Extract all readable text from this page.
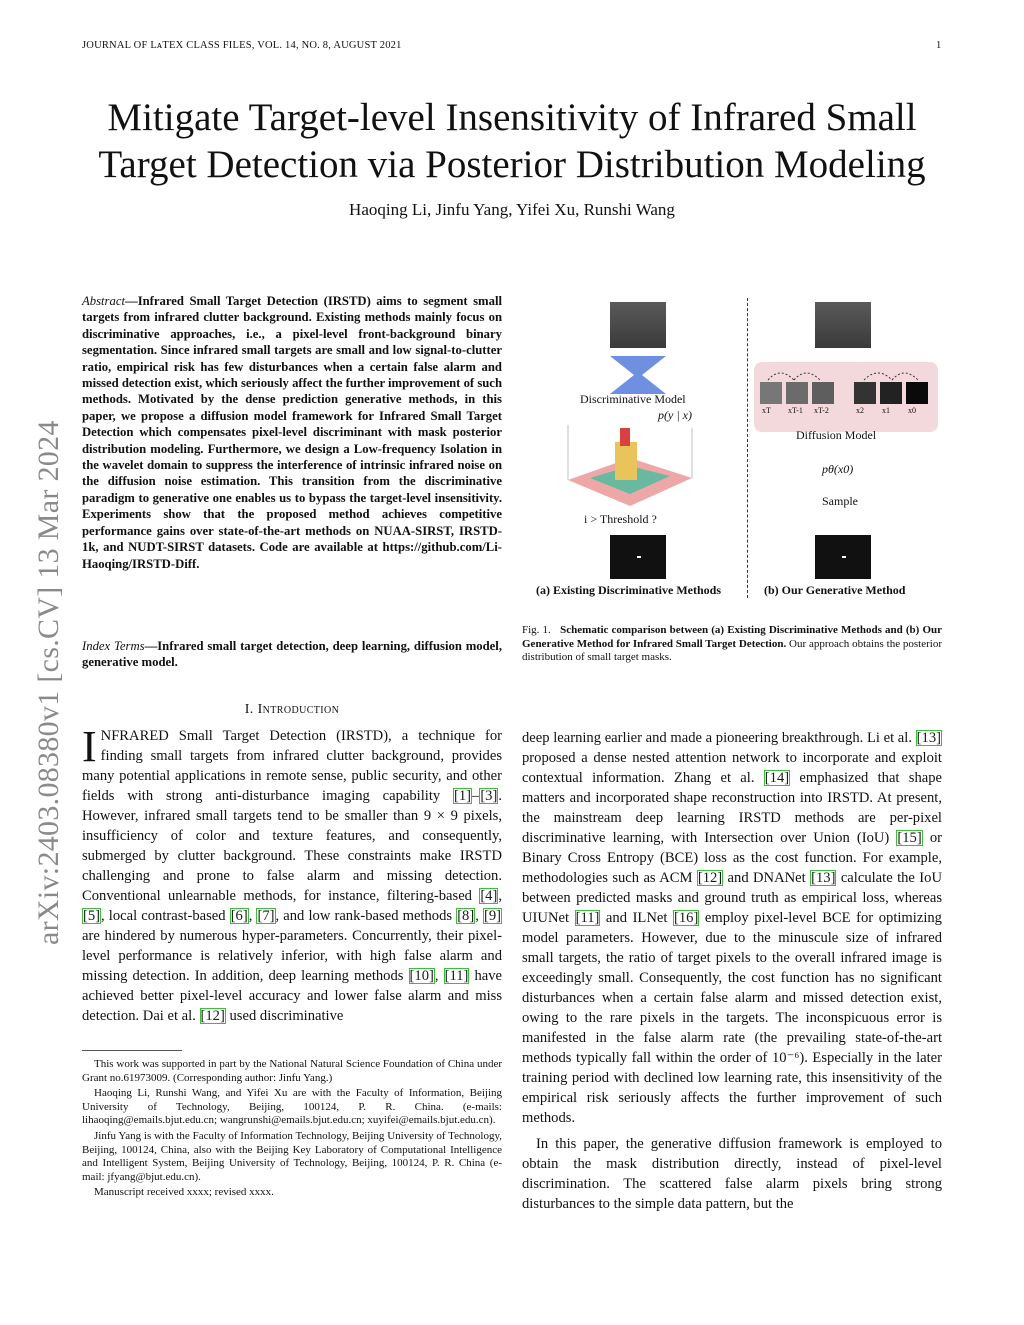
JOURNAL OF LᴀTEX CLASS FILES, VOL. 14, NO. 8, AUGUST 2021	1
Mitigate Target-level Insensitivity of Infrared Small Target Detection via Posterior Distribution Modeling
Haoqing Li, Jinfu Yang, Yifei Xu, Runshi Wang
arXiv:2403.08380v1 [cs.CV] 13 Mar 2024
Abstract—Infrared Small Target Detection (IRSTD) aims to segment small targets from infrared clutter background. Existing methods mainly focus on discriminative approaches, i.e., a pixel-level front-background binary segmentation. Since infrared small targets are small and low signal-to-clutter ratio, empirical risk has few disturbances when a certain false alarm and missed detection exist, which seriously affect the further improvement of such methods. Motivated by the dense prediction generative methods, in this paper, we propose a diffusion model framework for Infrared Small Target Detection which compensates pixel-level discriminant with mask posterior distribution modeling. Furthermore, we design a Low-frequency Isolation in the wavelet domain to suppress the interference of intrinsic infrared noise on the diffusion noise estimation. This transition from the discriminative paradigm to generative one enables us to bypass the target-level insensitivity. Experiments show that the proposed method achieves competitive performance gains over state-of-the-art methods on NUAA-SIRST, IRSTD-1k, and NUDT-SIRST datasets. Code are available at https://github.com/Li-Haoqing/IRSTD-Diff.
Index Terms—Infrared small target detection, deep learning, diffusion model, generative model.
I. Introduction
INFRARED Small Target Detection (IRSTD), a technique for finding small targets from infrared clutter background, provides many potential applications in remote sense, public security, and other fields with strong anti-disturbance imaging capability [1]–[3]. However, infrared small targets tend to be smaller than 9 × 9 pixels, insufficiency of color and texture features, and consequently, submerged by clutter background. These constraints make IRSTD challenging and prone to false alarm and missing detection. Conventional unlearnable methods, for instance, filtering-based [4], [5], local contrast-based [6], [7], and low rank-based methods [8], [9] are hindered by numerous hyper-parameters. Concurrently, their pixel-level performance is relatively inferior, with high false alarm and missing detection. In addition, deep learning methods [10], [11] have achieved better pixel-level accuracy and lower false alarm and miss detection. Dai et al. [12] used discriminative

This work was supported in part by the National Natural Science Foundation of China under Grant no.61973009. (Corresponding author: Jinfu Yang.)

Haoqing Li, Runshi Wang, and Yifei Xu are with the Faculty of Information, Beijing University of Technology, Beijing, 100124, P. R. China. (e-mails: lihaoqing@emails.bjut.edu.cn; wangrunshi@emails.bjut.edu.cn; xuyifei@emails.bjut.edu.cn).

Jinfu Yang is with the Faculty of Information Technology, Beijing University of Technology, Beijing, 100124, China, also with the Beijing Key Laboratory of Computational Intelligence and Intelligent System, Beijing University of Technology, Beijing, 100124, P. R. China (e-mail: jfyang@bjut.edu.cn).

Manuscript received xxxx; revised xxxx.

Discriminative Model
p(y | x)
i > Threshold ?
(a) Existing Discriminative Methods
xT xT-1 xT-2	x2 x1 x0
Diffusion Model
pθ(x0)
Sample
(b) Our Generative Method
Fig. 1. Schematic comparison between (a) Existing Discriminative Methods and (b) Our Generative Method for Infrared Small Target Detection. Our approach obtains the posterior distribution of small target masks.

deep learning earlier and made a pioneering breakthrough. Li et al. [13] proposed a dense nested attention network to incorporate and exploit contextual information. Zhang et al. [14] emphasized that shape matters and incorporated shape reconstruction into IRSTD. At present, the mainstream deep learning IRSTD methods are per-pixel discriminative learning, with Intersection over Union (IoU) [15] or Binary Cross Entropy (BCE) loss as the cost function. For example, methodologies such as ACM [12] and DNANet [13] calculate the IoU between predicted masks and ground truth as empirical loss, whereas UIUNet [11] and ILNet [16] employ pixel-level BCE for optimizing model parameters. However, due to the minuscule size of infrared small targets, the ratio of target pixels to the overall infrared image is exceedingly small. Consequently, the cost function has no significant disturbances when a certain false alarm and missed detection exist, owing to the rare pixels in the targets. The inconspicuous error is manifested in the false alarm rate (the prevailing state-of-the-art methods typically fall within the order of 10⁻⁶). Especially in the later training period with declined low learning rate, this insensitivity of the empirical risk seriously affects the further improvement of such methods.

In this paper, the generative diffusion framework is employed to obtain the mask distribution directly, instead of pixel-level discrimination. The scattered false alarm pixels bring strong disturbances to the simple data pattern, but the
